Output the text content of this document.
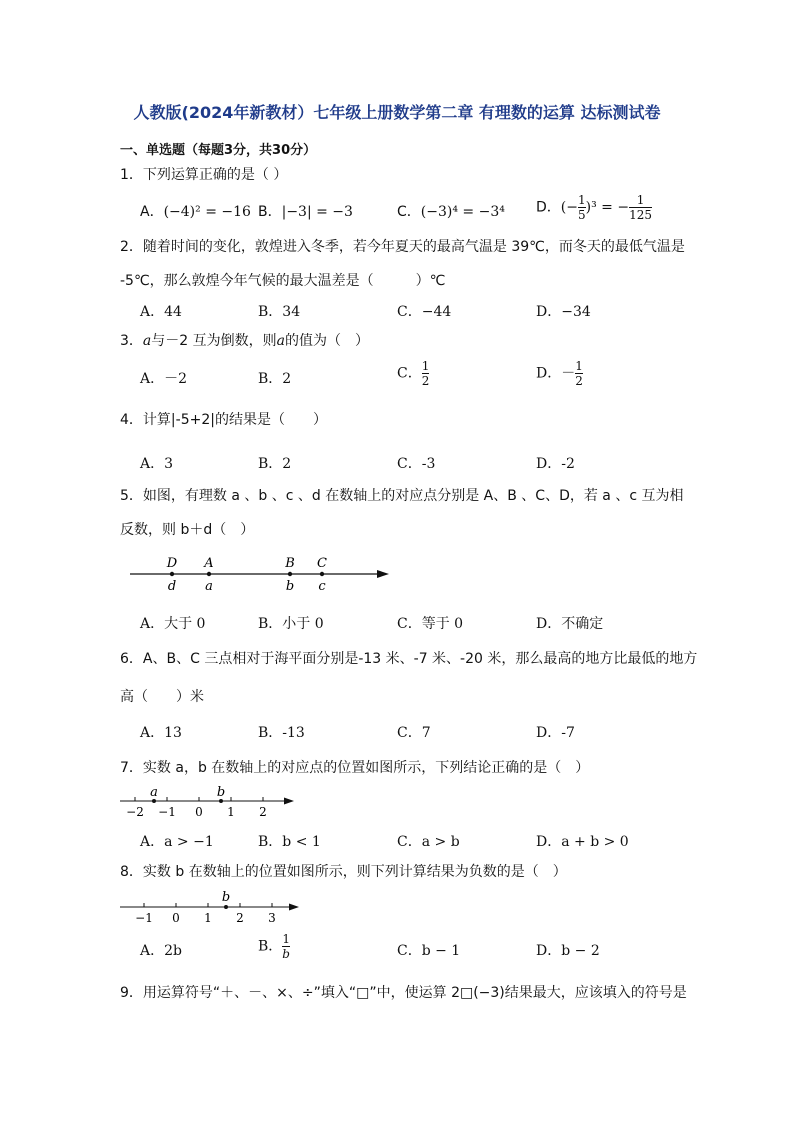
人教版(2024年新教材）七年级上册数学第二章 有理数的运算 达标测试卷
一、单选题（每题3分，共30分）
1．下列运算正确的是（ ）
A．(−4)² = −16 B．|−3| = −3	C．(−3)⁴ = −3⁴ D．(− $\frac{1}{5} )^3$ = − $\frac{1}{125}$
2．随着时间的变化，敦煌进入冬季，若今年夏天的最高气温是 39℃，而冬天的最低气温是
-5℃，那么敦煌今年气候的最大温差是（　　　）℃
A．44	B．34	C．−44	D．−34
3．a与－2 互为倒数，则a的值为（　）
A．－2	B．2	C． $\frac{1}{2}$	D．－ $\frac{1}{2}$
4．计算|-5+2|的结果是（　　）
A．3	B．2	C．-3	D．-2
5．如图，有理数 a 、b 、c 、d 在数轴上的对应点分别是 A、B 、C、D，若 a 、c 互为相
反数，则 b＋d（　）
D A	B C
d a	b c
A．大于 0	B．小于 0	C．等于 0	D．不确定
6．A、B、C 三点相对于海平面分别是-13 米、-7 米、-20 米，那么最高的地方比最低的地方
高（　　）米
A．13	B．-13	C．7	D．-7
7．实数 a，b 在数轴上的对应点的位置如图所示，下列结论正确的是（　）
a	b
−2 −1 0 1 2
A．a > −1	B．b < 1	C．a > b	D．a + b > 0
8．实数 b 在数轴上的位置如图所示，则下列计算结果为负数的是（　）
b
−1 0 1 2 3
A．2b	B． $\frac{1}{b}$	C．b − 1	D．b − 2
9．用运算符号“＋、－、×、÷”填入“□”中，使运算 2□(−3)结果最大，应该填入的符号是
